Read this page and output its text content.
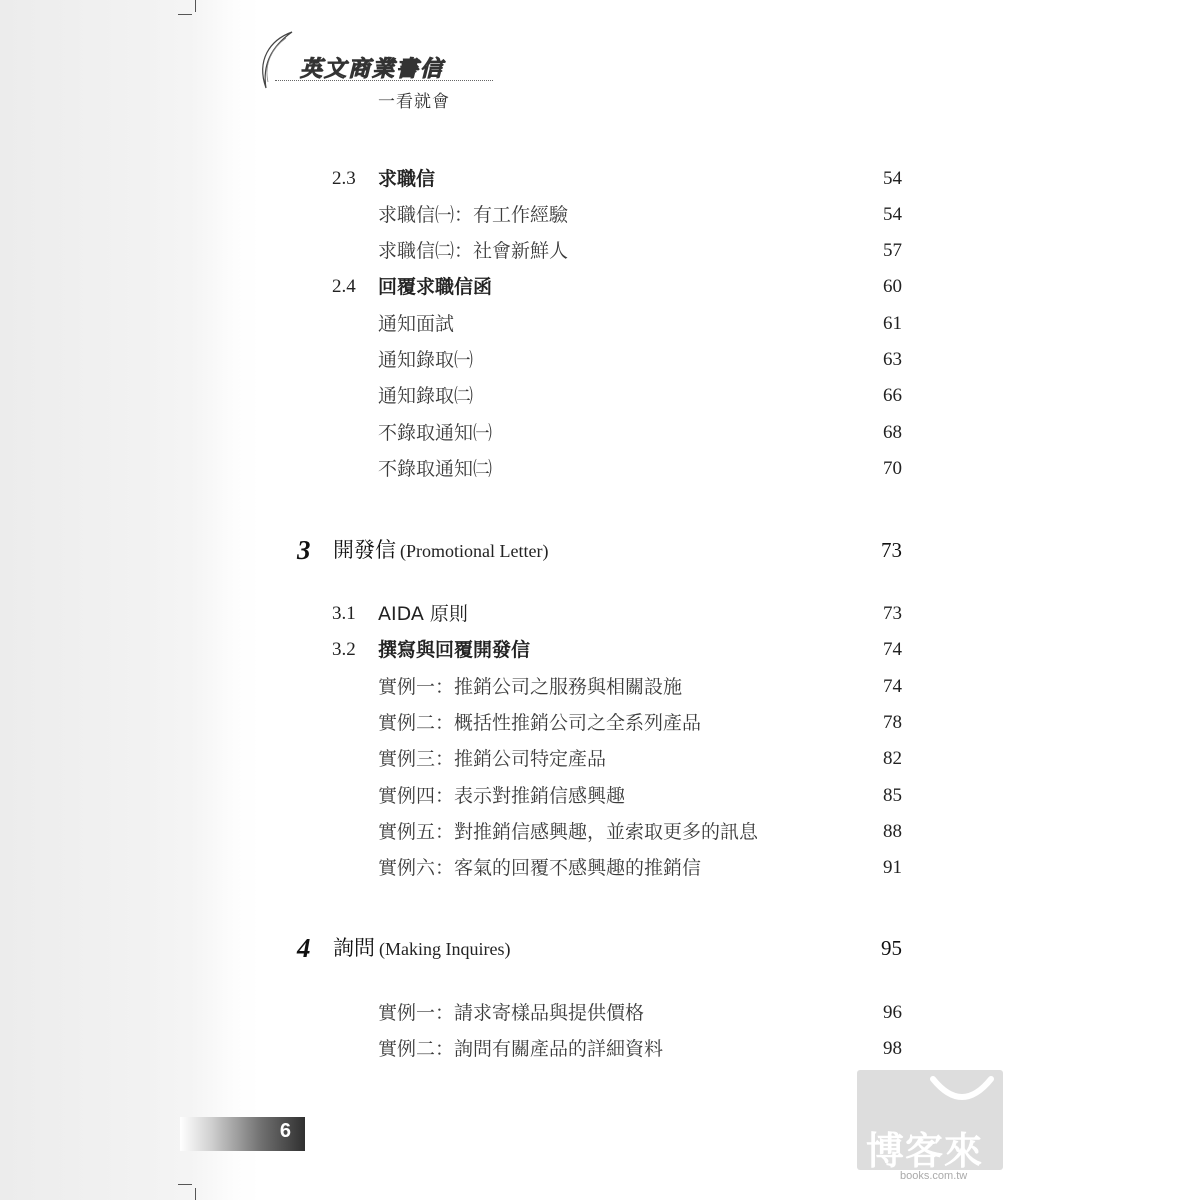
英文商業書信
一看就會
2.3 求職信	54
求職信㈠：有工作經驗	54
求職信㈡：社會新鮮人	57
2.4 回覆求職信函	60
通知面試	61
通知錄取㈠	63
通知錄取㈡	66
不錄取通知㈠	68
不錄取通知㈡	70
3 開發信 (Promotional Letter)	73
3.1 AIDA 原則	73
3.2 撰寫與回覆開發信	74
實例一：推銷公司之服務與相關設施	74
實例二：概括性推銷公司之全系列產品	78
實例三：推銷公司特定產品	82
實例四：表示對推銷信感興趣	85
實例五：對推銷信感興趣，並索取更多的訊息	88
實例六：客氣的回覆不感興趣的推銷信	91
4 詢問 (Making Inquires)	95
實例一：請求寄樣品與提供價格	96
實例二：詢問有關產品的詳細資料	98
6	博客來
books.com.tw
